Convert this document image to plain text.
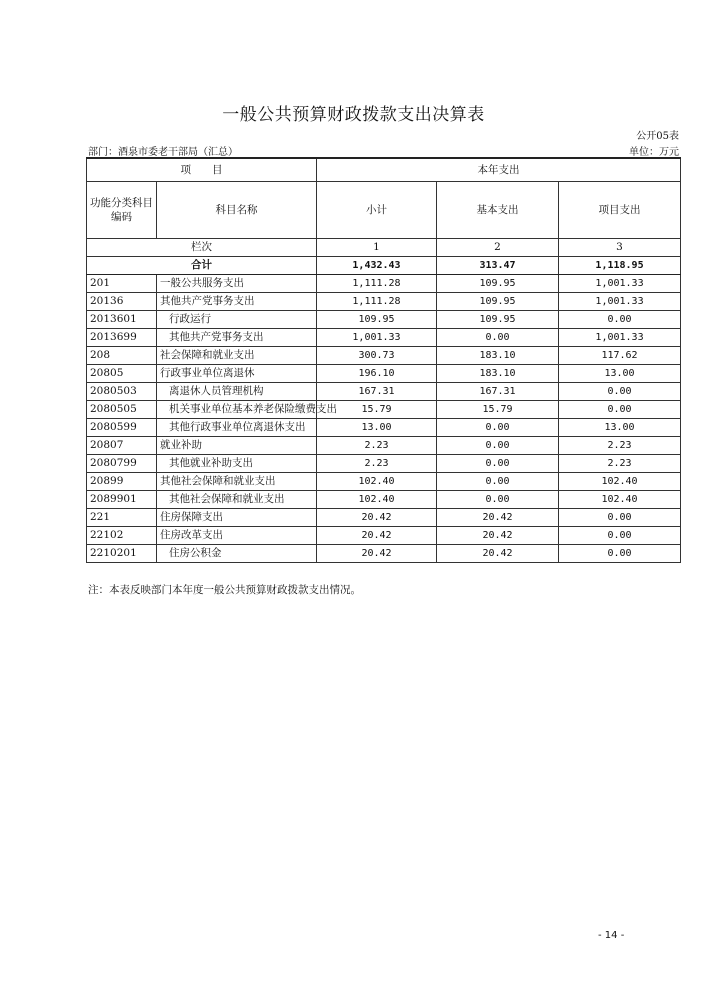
一般公共预算财政拨款支出决算表
公开05表
部门：酒泉市委老干部局（汇总）	单位：万元
项　　目		本年支出		
功能分类科目编码	科目名称	小计	基本支出	项目支出
栏次		1	2	3
合计		1,432.43	313.47	1,118.95
201	一般公共服务支出	1,111.28	109.95	1,001.33
20136	其他共产党事务支出	1,111.28	109.95	1,001.33
2013601	行政运行	109.95	109.95	0.00
2013699	其他共产党事务支出	1,001.33	0.00	1,001.33
208	社会保障和就业支出	300.73	183.10	117.62
20805	行政事业单位离退休	196.10	183.10	13.00
2080503	离退休人员管理机构	167.31	167.31	0.00
2080505	机关事业单位基本养老保险缴费支出	15.79	15.79	0.00
2080599	其他行政事业单位离退休支出	13.00	0.00	13.00
20807	就业补助	2.23	0.00	2.23
2080799	其他就业补助支出	2.23	0.00	2.23
20899	其他社会保障和就业支出	102.40	0.00	102.40
2089901	其他社会保障和就业支出	102.40	0.00	102.40
221	住房保障支出	20.42	20.42	0.00
22102	住房改革支出	20.42	20.42	0.00
2210201	住房公积金	20.42	20.42	0.00
注：本表反映部门本年度一般公共预算财政拨款支出情况。
- 14 -
